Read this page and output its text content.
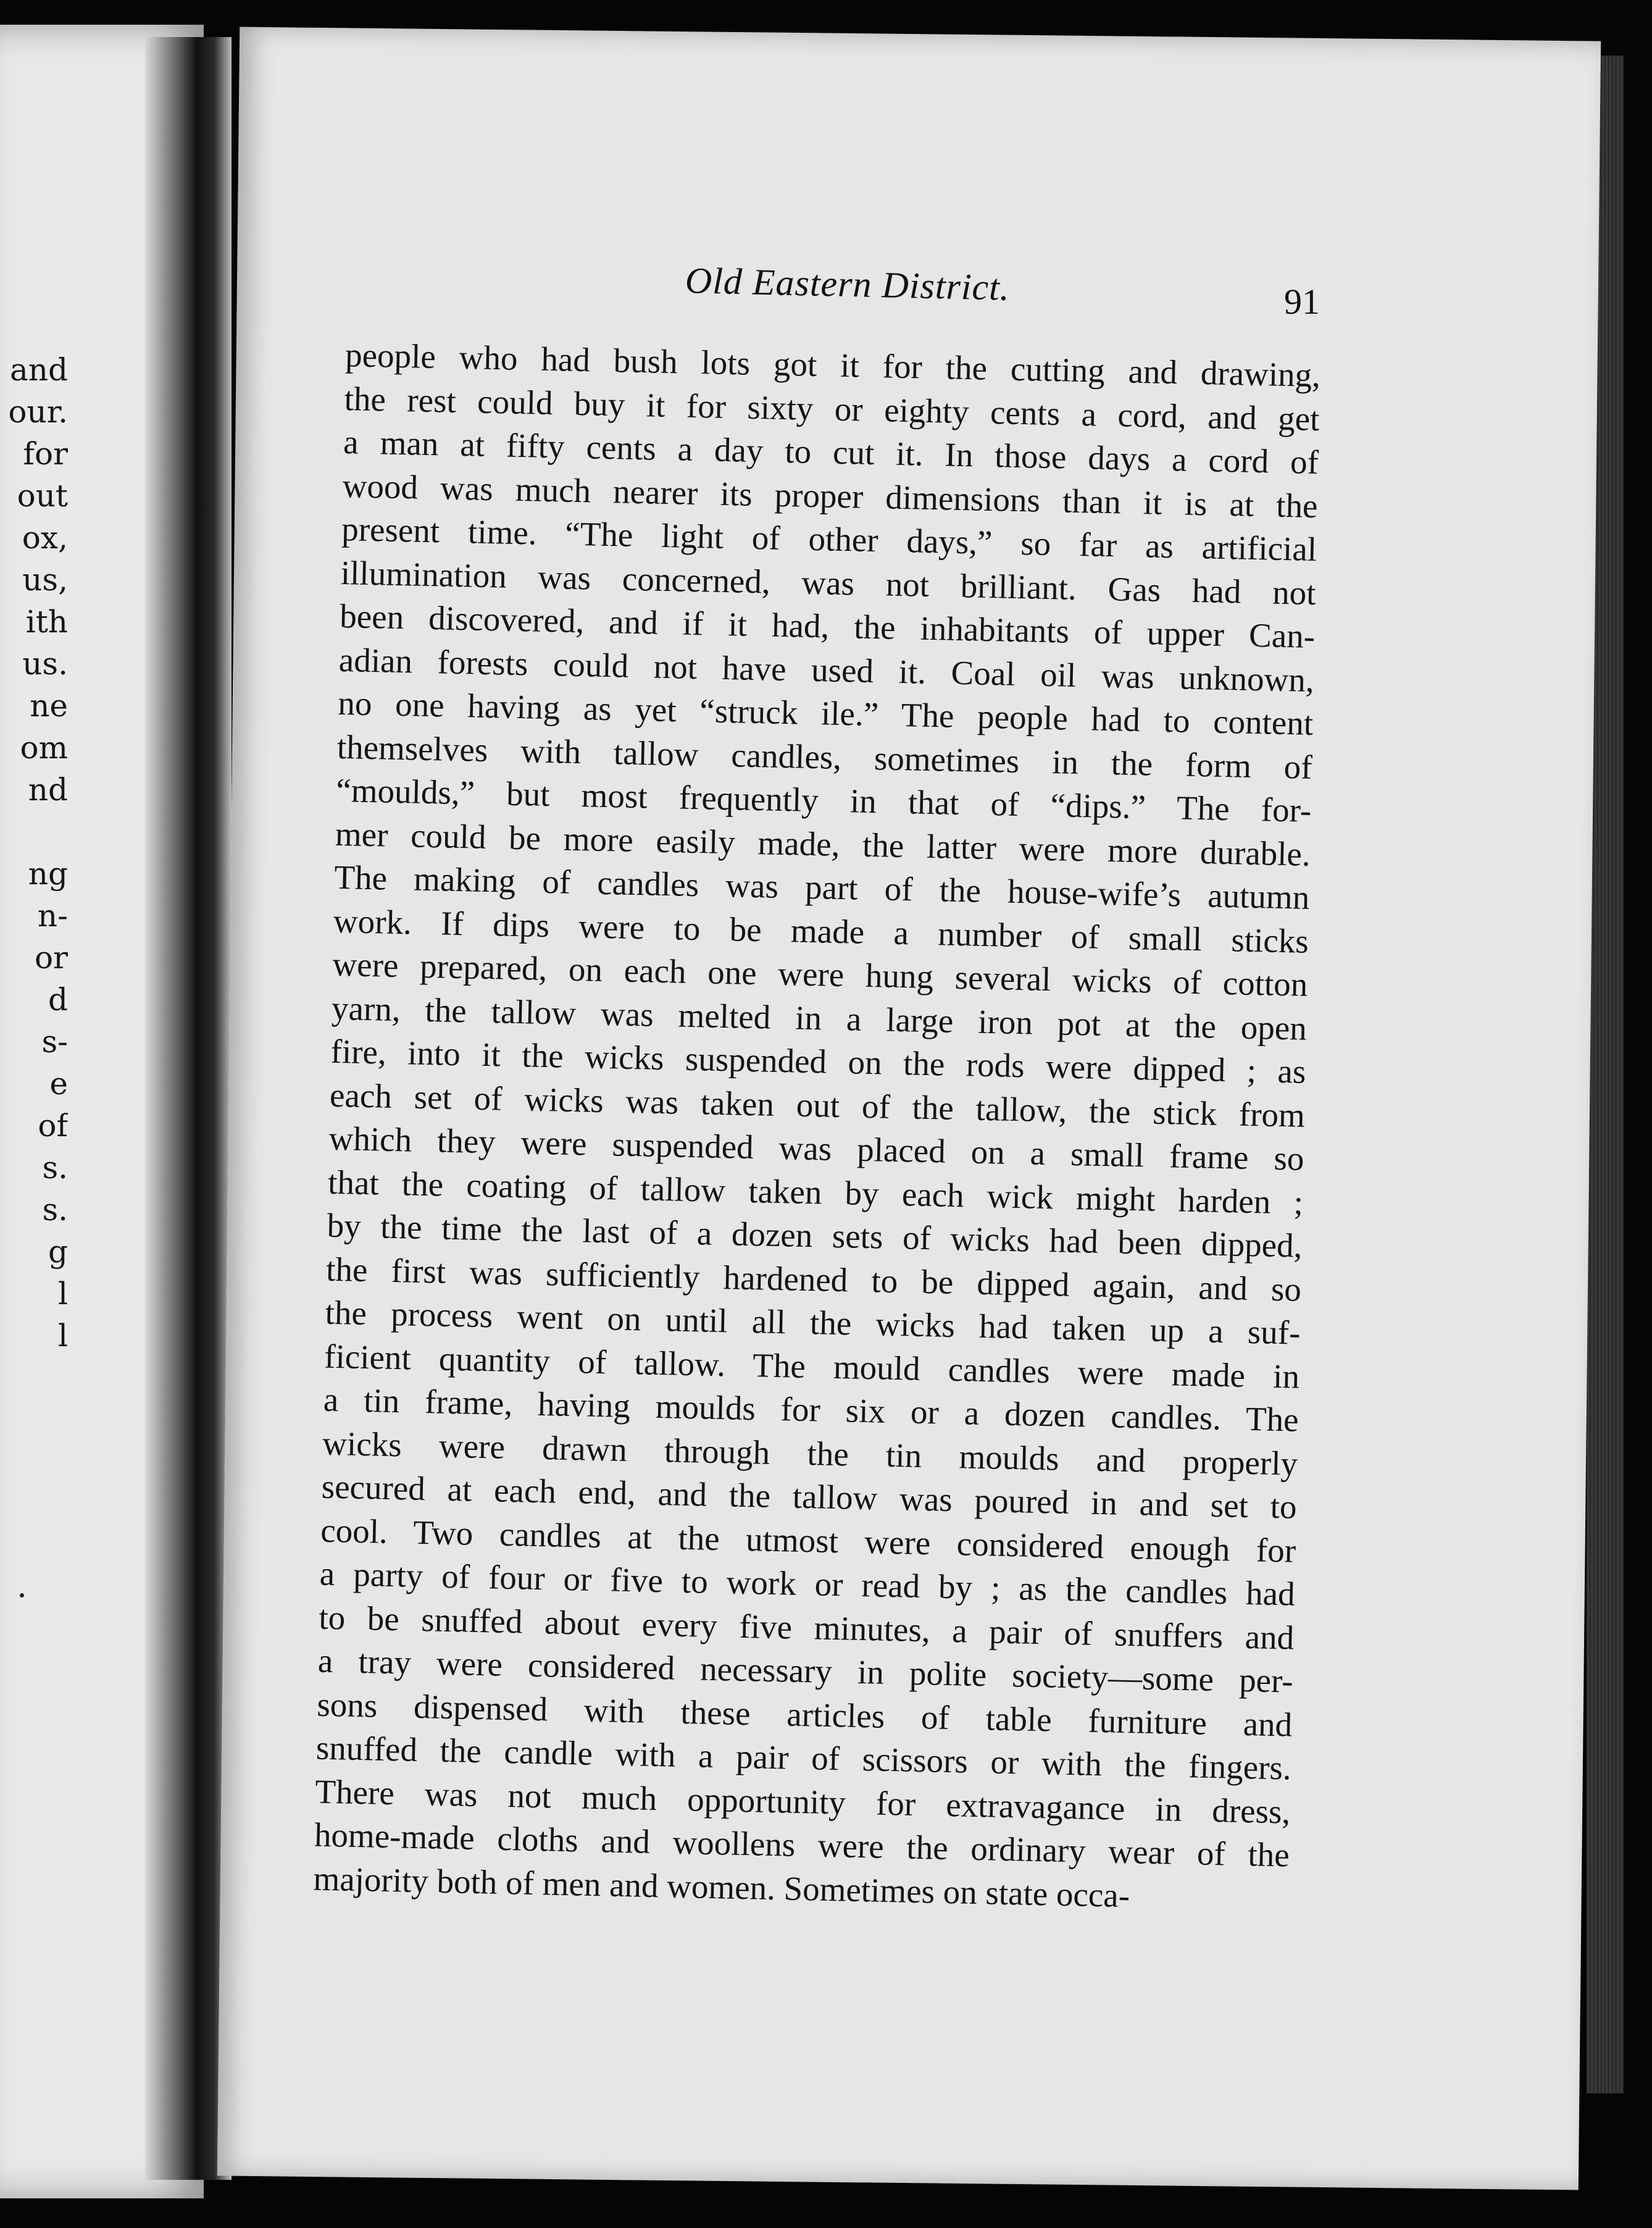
and
our.
for
out
ox,
us,
ith
us.
ne
om
nd
ng
n-
or
d
s-
e
of
s.
s.
g
l
l
Old Eastern District.	91
people who had bush lots got it for the cutting and drawing,
the rest could buy it for sixty or eighty cents a cord, and get
a man at fifty cents a day to cut it. In those days a cord of
wood was much nearer its proper dimensions than it is at the
present time. “The light of other days,” so far as artificial
illumination was concerned, was not brilliant. Gas had not
been discovered, and if it had, the inhabitants of upper Can-
adian forests could not have used it. Coal oil was unknown,
no one having as yet “struck ile.” The people had to content
themselves with tallow candles, sometimes in the form of
“moulds,” but most frequently in that of “dips.” The for-
mer could be more easily made, the latter were more durable.
The making of candles was part of the house-wife’s autumn
work. If dips were to be made a number of small sticks
were prepared, on each one were hung several wicks of cotton
yarn, the tallow was melted in a large iron pot at the open
fire, into it the wicks suspended on the rods were dipped ; as
each set of wicks was taken out of the tallow, the stick from
which they were suspended was placed on a small frame so
that the coating of tallow taken by each wick might harden ;
by the time the last of a dozen sets of wicks had been dipped,
the first was sufficiently hardened to be dipped again, and so
the process went on until all the wicks had taken up a suf-
ficient quantity of tallow. The mould candles were made in
a tin frame, having moulds for six or a dozen candles. The
wicks were drawn through the tin moulds and properly
secured at each end, and the tallow was poured in and set to
cool. Two candles at the utmost were considered enough for
a party of four or five to work or read by ; as the candles had
to be snuffed about every five minutes, a pair of snuffers and
a tray were considered necessary in polite society—some per-
sons dispensed with these articles of table furniture and
snuffed the candle with a pair of scissors or with the fingers.
There was not much opportunity for extravagance in dress,
home-made cloths and woollens were the ordinary wear of the
majority both of men and women. Sometimes on state occa-
